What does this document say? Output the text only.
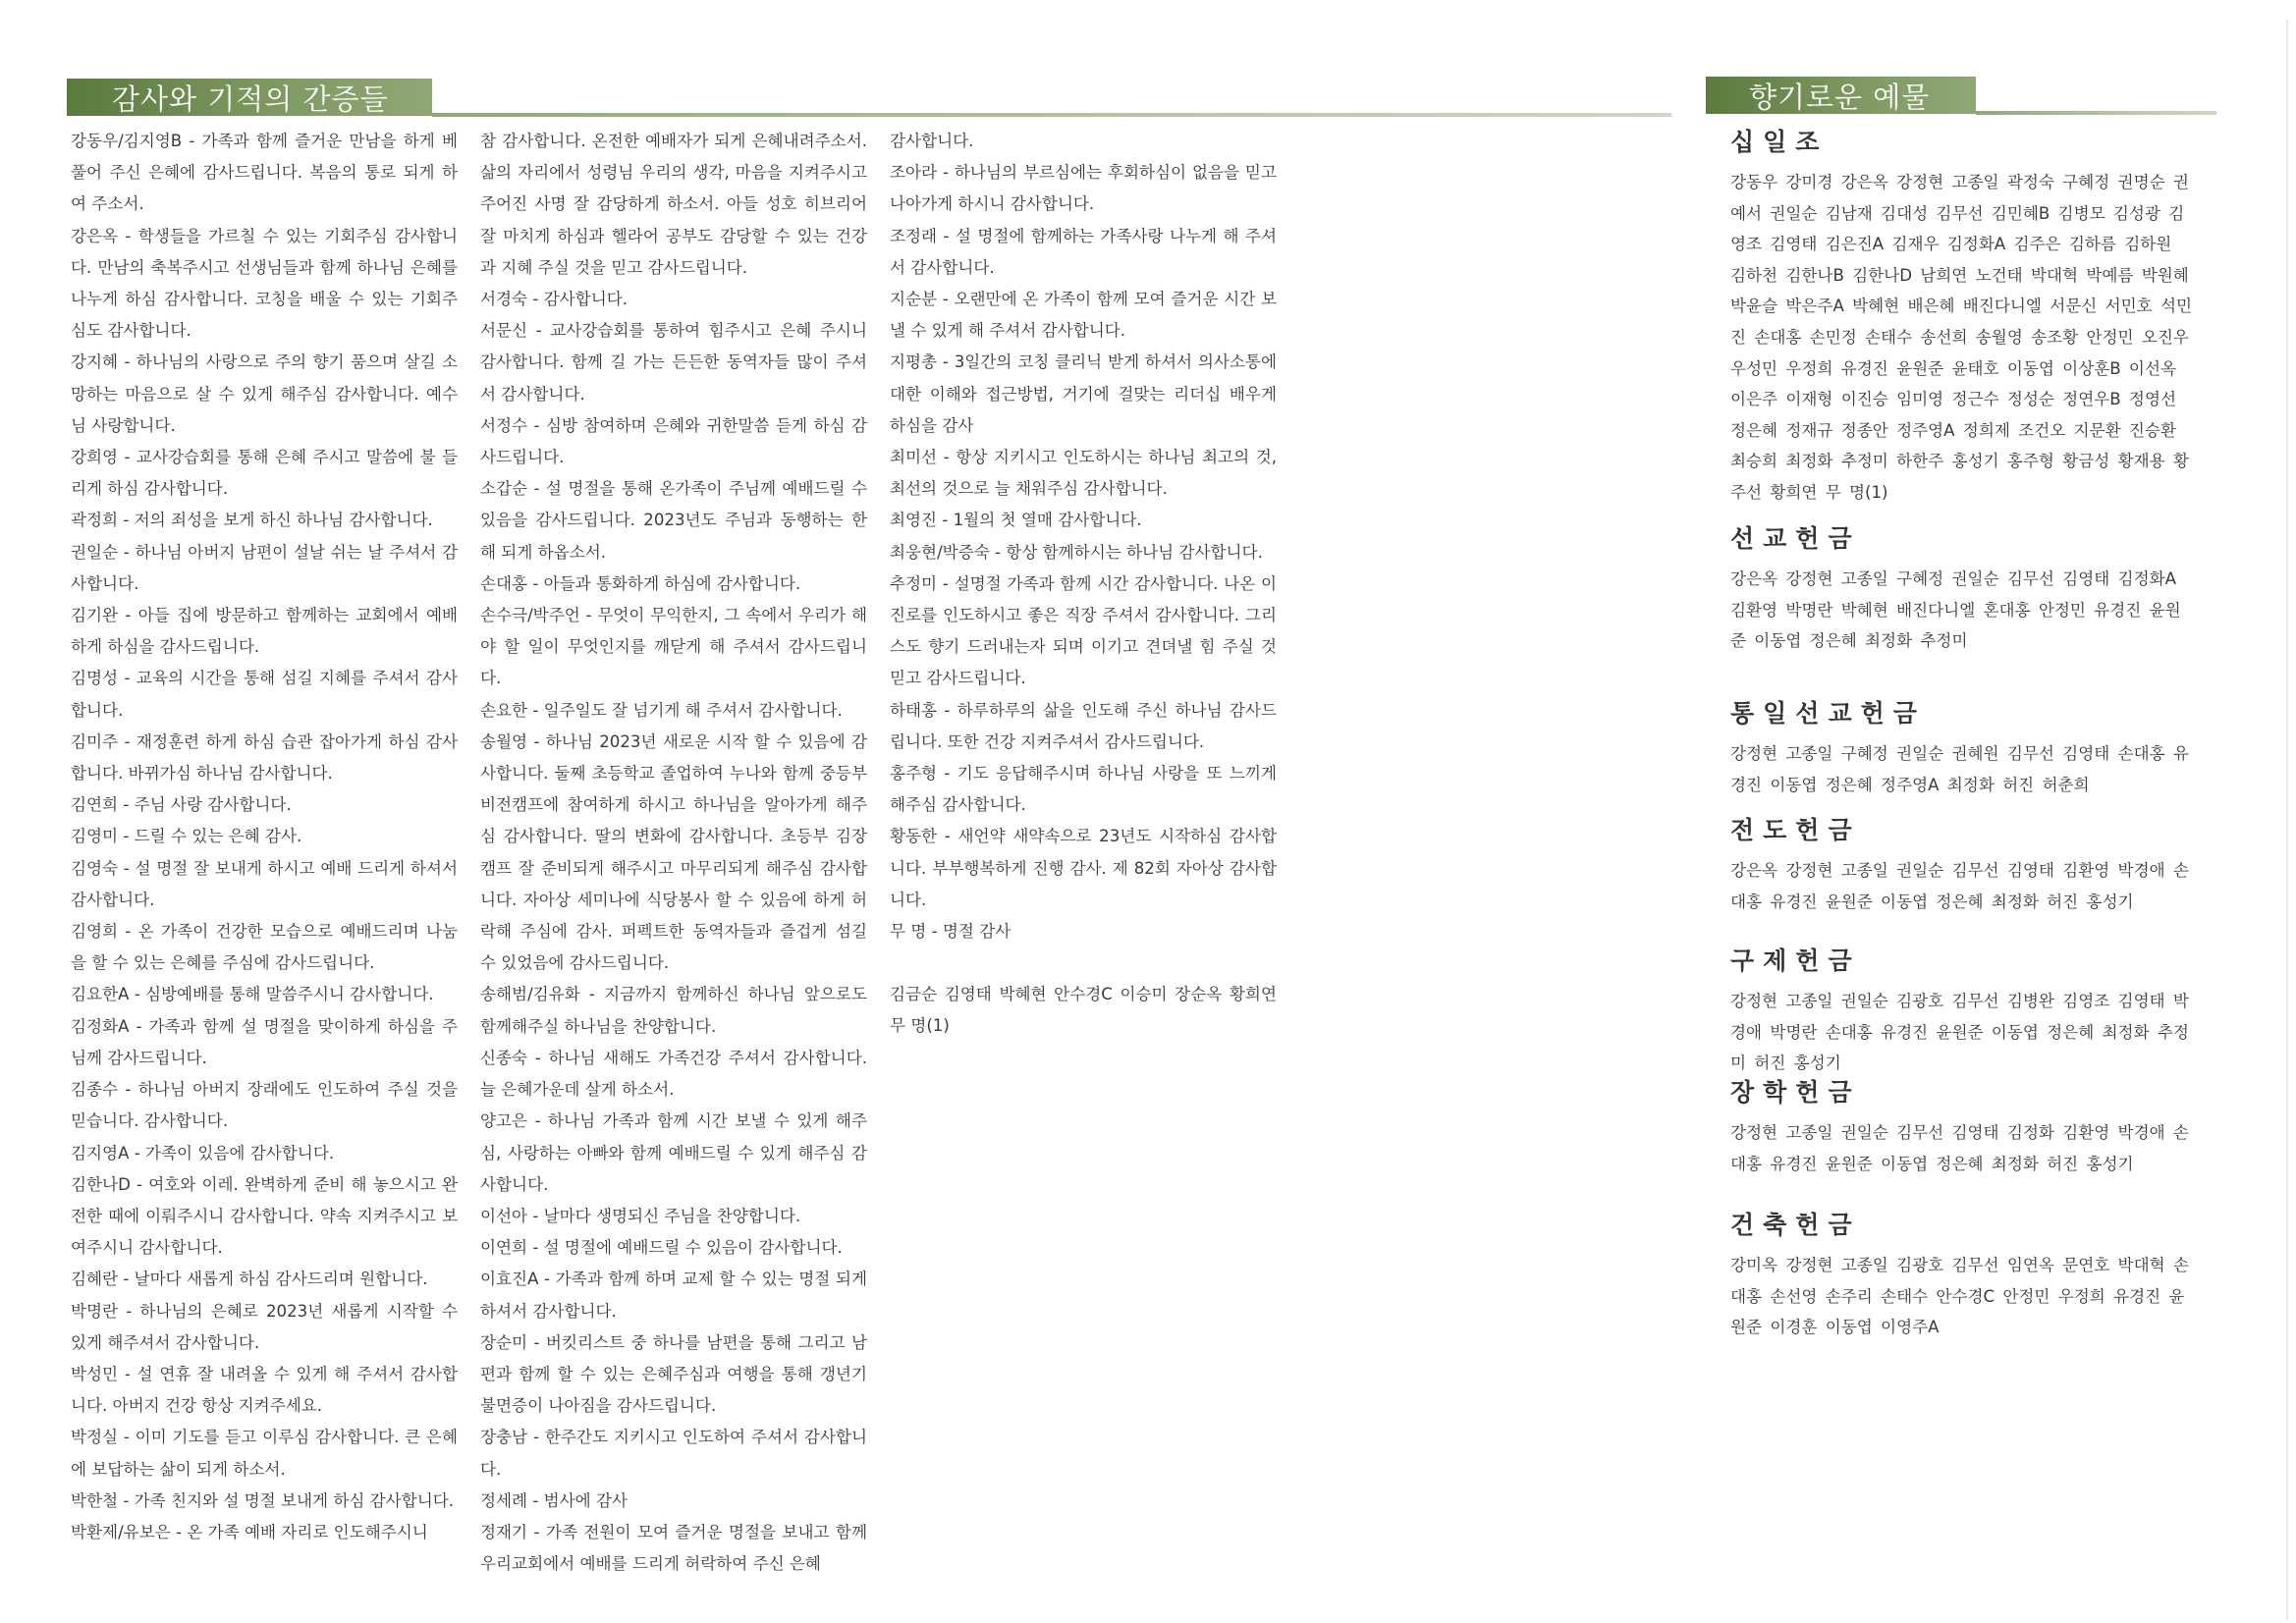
감사와 기적의 간증들	향기로운 예물

강동우/김지영B - 가족과 함께 즐거운 만남을 하게 베풀어 주신 은혜에 감사드립니다. 복음의 통로 되게 하여 주소서.

강은옥 - 학생들을 가르칠 수 있는 기회주심 감사합니다. 만남의 축복주시고 선생님들과 함께 하나님 은혜를 나누게 하심 감사합니다. 코칭을 배울 수 있는 기회주심도 감사합니다.

강지혜 - 하나님의 사랑으로 주의 향기 품으며 살길 소망하는 마음으로 살 수 있게 해주심 감사합니다. 예수님 사랑합니다.

강희영 - 교사강습회를 통해 은혜 주시고 말씀에 불 들리게 하심 감사합니다.

곽정희 - 저의 죄성을 보게 하신 하나님 감사합니다.

권일순 - 하나님 아버지 남편이 설날 쉬는 날 주셔서 감사합니다.

김기완 - 아들 집에 방문하고 함께하는 교회에서 예배하게 하심을 감사드립니다.

김명성 - 교육의 시간을 통해 섬길 지혜를 주셔서 감사합니다.

김미주 - 재정훈련 하게 하심 습관 잡아가게 하심 감사합니다. 바뀌가심 하나님 감사합니다.

김연희 - 주님 사랑 감사합니다.

김영미 - 드릴 수 있는 은혜 감사.

김영숙 - 설 명절 잘 보내게 하시고 예배 드리게 하셔서 감사합니다.

김영희 - 온 가족이 건강한 모습으로 예배드리며 나눔을 할 수 있는 은혜를 주심에 감사드립니다.

김요한A - 심방예배를 통해 말씀주시니 감사합니다.

김정화A - 가족과 함께 설 명절을 맞이하게 하심을 주님께 감사드립니다.

김종수 - 하나님 아버지 장래에도 인도하여 주실 것을 믿습니다. 감사합니다.

김지영A - 가족이 있음에 감사합니다.

김한나D - 여호와 이레. 완벽하게 준비 해 놓으시고 완전한 때에 이뤄주시니 감사합니다. 약속 지켜주시고 보여주시니 감사합니다.

김혜란 - 날마다 새롭게 하심 감사드리며 원합니다.

박명란 - 하나님의 은혜로 2023년 새롭게 시작할 수 있게 해주셔서 감사합니다.

박성민 - 설 연휴 잘 내려올 수 있게 해 주셔서 감사합니다. 아버지 건강 항상 지켜주세요.

박정실 - 이미 기도를 듣고 이루심 감사합니다. 큰 은혜에 보답하는 삶이 되게 하소서.

박한철 - 가족 친지와 설 명절 보내게 하심 감사합니다.

박환제/유보은 - 온 가족 예배 자리로 인도해주시니

참 감사합니다. 온전한 예배자가 되게 은혜내려주소서. 삶의 자리에서 성령님 우리의 생각, 마음을 지켜주시고 주어진 사명 잘 감당하게 하소서. 아들 성호 히브리어 잘 마치게 하심과 헬라어 공부도 감당할 수 있는 건강과 지혜 주실 것을 믿고 감사드립니다.

서경숙 - 감사합니다.

서문신 - 교사강습회를 통하여 힘주시고 은혜 주시니 감사합니다. 함께 길 가는 든든한 동역자들 많이 주셔서 감사합니다.

서정수 - 심방 참여하며 은혜와 귀한말씀 듣게 하심 감사드립니다.

소갑순 - 설 명절을 통해 온가족이 주님께 예배드릴 수 있음을 감사드립니다. 2023년도 주님과 동행하는 한해 되게 하옵소서.

손대홍 - 아들과 통화하게 하심에 감사합니다.

손수극/박주언 - 무엇이 무익한지, 그 속에서 우리가 해야 할 일이 무엇인지를 깨닫게 해 주셔서 감사드립니다.

손요한 - 일주일도 잘 넘기게 해 주셔서 감사합니다.

송월영 - 하나님 2023년 새로운 시작 할 수 있음에 감사합니다. 둘째 초등학교 졸업하여 누나와 함께 중등부 비전캠프에 참여하게 하시고 하나님을 알아가게 해주심 감사합니다. 딸의 변화에 감사합니다. 초등부 김장캠프 잘 준비되게 해주시고 마무리되게 해주심 감사합니다. 자아상 세미나에 식당봉사 할 수 있음에 하게 허락해 주심에 감사. 퍼펙트한 동역자들과 즐겁게 섬길 수 있었음에 감사드립니다.

송해범/김유화 - 지금까지 함께하신 하나님 앞으로도 함께해주실 하나님을 찬양합니다.

신종숙 - 하나님 새해도 가족건강 주셔서 감사합니다. 늘 은혜가운데 살게 하소서.

양고은 - 하나님 가족과 함께 시간 보낼 수 있게 해주심, 사랑하는 아빠와 함께 예배드릴 수 있게 해주심 감사합니다.

이선아 - 날마다 생명되신 주님을 찬양합니다.

이연희 - 설 명절에 예배드릴 수 있음이 감사합니다.

이효진A - 가족과 함께 하며 교제 할 수 있는 명절 되게 하셔서 감사합니다.

장순미 - 버킷리스트 중 하나를 남편을 통해 그리고 남편과 함께 할 수 있는 은혜주심과 여행을 통해 갱년기 불면증이 나아짐을 감사드립니다.

장충남 - 한주간도 지키시고 인도하여 주셔서 감사합니다.

정세례 - 범사에 감사

정재기 - 가족 전원이 모여 즐거운 명절을 보내고 함께 우리교회에서 예배를 드리게 허락하여 주신 은혜

감사합니다.

조아라 - 하나님의 부르심에는 후회하심이 없음을 믿고 나아가게 하시니 감사합니다.

조정래 - 설 명절에 함께하는 가족사랑 나누게 해 주셔서 감사합니다.

지순분 - 오랜만에 온 가족이 함께 모여 즐거운 시간 보낼 수 있게 해 주셔서 감사합니다.

지평총 - 3일간의 코칭 클리닉 받게 하셔서 의사소통에 대한 이해와 접근방법, 거기에 걸맞는 리더십 배우게 하심을 감사

최미선 - 항상 지키시고 인도하시는 하나님 최고의 것, 최선의 것으로 늘 채워주심 감사합니다.

최영진 - 1월의 첫 열매 감사합니다.

최웅현/박증숙 - 항상 함께하시는 하나님 감사합니다.

추정미 - 설명절 가족과 함께 시간 감사합니다. 나온 이 진로를 인도하시고 좋은 직장 주셔서 감사합니다. 그리스도 향기 드러내는자 되며 이기고 견뎌낼 힘 주실 것 믿고 감사드립니다.

하태홍 - 하루하루의 삶을 인도해 주신 하나님 감사드립니다. 또한 건강 지켜주셔서 감사드립니다.

홍주형 - 기도 응답해주시며 하나님 사랑을 또 느끼게 해주심 감사합니다.

황동한 - 새언약 새약속으로 23년도 시작하심 감사합니다. 부부행복하게 진행 감사. 제 82회 자아상 감사합니다.

무 명 - 명절 감사

김금순 김영태 박혜현 안수경C 이승미 장순옥 황희연 무 명(1)

십일조
강동우 강미경 강은옥 강정현 고종일 곽정숙 구혜정 권명순 권예서 권일순 김남재 김대성 김무선 김민혜B 김병모 김성광 김영조 김영태 김은진A 김재우 김정화A 김주은 김하름 김하원 김하천 김한나B 김한나D 남희연 노건태 박대혁 박예름 박원혜 박윤슬 박은주A 박혜현 배은혜 배진다니엘 서문신 서민호 석민진 손대홍 손민정 손태수 송선희 송월영 송조황 안정민 오진우 우성민 우정희 유경진 윤원준 윤태호 이동엽 이상훈B 이선옥 이은주 이재형 이진승 임미영 정근수 정성순 정연우B 정영선 정은혜 정재규 정종안 정주영A 정희제 조건오 지문환 진승환 최승희 최정화 추정미 하한주 홍성기 홍주형 황금성 황재용 황주선 황희연 무 명(1)
선교헌금
강은옥 강정현 고종일 구혜정 권일순 김무선 김영태 김정화A 김환영 박명란 박혜현 배진다니엘 혼대홍 안정민 유경진 윤원준 이동엽 정은혜 최정화 추정미
통일선교헌금
강정현 고종일 구혜정 권일순 권혜원 김무선 김영태 손대홍 유경진 이동엽 정은혜 정주영A 최정화 허진 허춘희
전도헌금
강은옥 강정현 고종일 권일순 김무선 김영태 김환영 박경애 손대홍 유경진 윤원준 이동엽 정은혜 최정화 허진 홍성기
구제헌금
강정현 고종일 권일순 김광호 김무선 김병완 김영조 김영태 박경애 박명란 손대홍 유경진 윤원준 이동엽 정은혜 최정화 추정미 허진 홍성기
장학헌금
강정현 고종일 권일순 김무선 김영태 김정화 김환영 박경애 손대홍 유경진 윤원준 이동엽 정은혜 최정화 허진 홍성기
건축헌금
강미옥 강정현 고종일 김광호 김무선 임연옥 문연호 박대혁 손대홍 손선영 손주리 손태수 안수경C 안정민 우정희 유경진 윤원준 이경훈 이동엽 이영주A
